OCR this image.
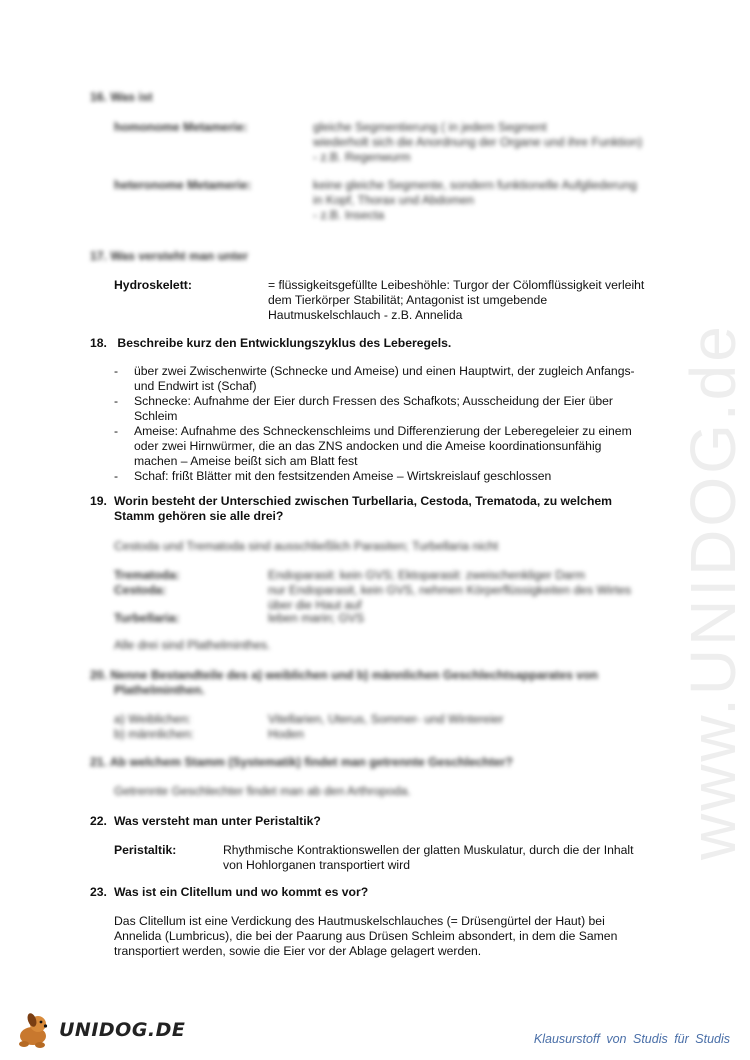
www.UNIDOG.de
16. Was ist
homonome Metamerie:	gleiche Segmentierung ( in jedem Segment
wiederholt sich die Anordnung der Organe und ihre Funktion)
- z.B. Regenwurm
heteronome Metamerie:	keine gleiche Segmente, sondern funktionelle Aufgliederung
in Kopf, Thorax und Abdomen
- z.B. Insecta
17. Was versteht man unter
Hydroskelett:	= flüssigkeitsgefüllte Leibeshöhle: Turgor der Cölomflüssigkeit verleiht
dem Tierkörper Stabilität; Antagonist ist umgebende
Hautmuskelschlauch - z.B. Annelida
18. Beschreibe kurz den Entwicklungszyklus des Leberegels.
- über zwei Zwischenwirte (Schnecke und Ameise) und einen Hauptwirt, der zugleich Anfangs-
und Endwirt ist (Schaf)
- Schnecke: Aufnahme der Eier durch Fressen des Schafkots; Ausscheidung der Eier über
Schleim
- Ameise: Aufnahme des Schneckenschleims und Differenzierung der Leberegeleier zu einem
oder zwei Hirnwürmer, die an das ZNS andocken und die Ameise koordinationsunfähig
machen – Ameise beißt sich am Blatt fest
- Schaf: frißt Blätter mit den festsitzenden Ameise – Wirtskreislauf geschlossen
19. Worin besteht der Unterschied zwischen Turbellaria, Cestoda, Trematoda, zu welchem
Stamm gehören sie alle drei?
Cestoda und Trematoda sind ausschließlich Parasiten; Turbellaria nicht
Trematoda:	Endoparasit: kein GVS; Ektoparasit: zweischenkliger Darm
Cestoda:	nur Endoparasit, kein GVS, nehmen Körperflüssigkeiten des Wirtes
über die Haut auf
Turbellaria:	leben marin; GVS
Alle drei sind Plathelminthes.
20. Nenne Bestandteile des a) weiblichen und b) männlichen Geschlechtsapparates von
Plathelminthen.
a) Weiblichen:	Vitellarien, Uterus, Sommer- und Wintereier
b) männlichen:	Hoden
21. Ab welchem Stamm (Systematik) findet man getrennte Geschlechter?
Getrennte Geschlechter findet man ab den Arthropoda.
22. Was versteht man unter Peristaltik?
Peristaltik:	Rhythmische Kontraktionswellen der glatten Muskulatur, durch die der Inhalt
von Hohlorganen transportiert wird
23. Was ist ein Clitellum und wo kommt es vor?
Das Clitellum ist eine Verdickung des Hautmuskelschlauches (= Drüsengürtel der Haut) bei
Annelida (Lumbricus), die bei der Paarung aus Drüsen Schleim absondert, in dem die Samen
transportiert werden, sowie die Eier vor der Ablage gelagert werden.
UNIDOG.DE	Klausurstoff von Studis für Studis
